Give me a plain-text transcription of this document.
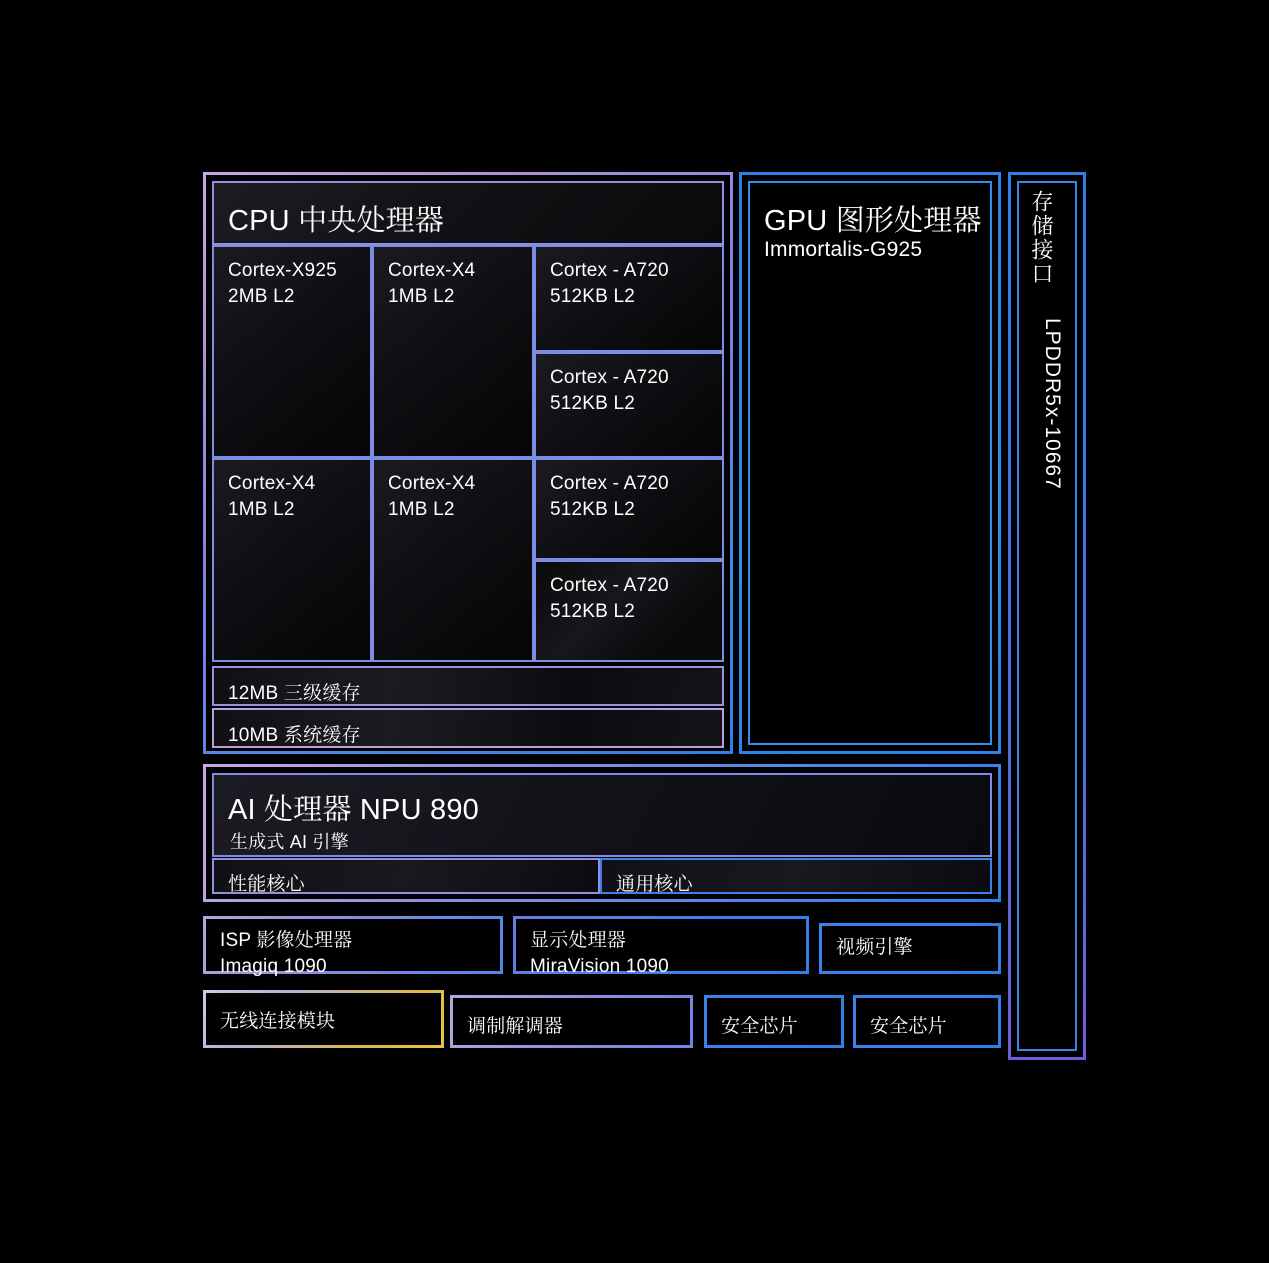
CPU 中央处理器
Cortex-X925
2MB L2
Cortex-X4
1MB L2
Cortex - A720
512KB L2
Cortex - A720
512KB L2
Cortex-X4
1MB L2
Cortex-X4
1MB L2
Cortex - A720
512KB L2
Cortex - A720
512KB L2
12MB 三级缓存
10MB 系统缓存
GPU 图形处理器
Immortalis-G925	存储接口
LPDDR5x-10667
AI 处理器 NPU 890
生成式 AI 引擎
性能核心	通用核心
ISP 影像处理器
Imagiq 1090
显示处理器
MiraVision 1090
视频引擎
无线连接模块	调制解调器	安全芯片	安全芯片
